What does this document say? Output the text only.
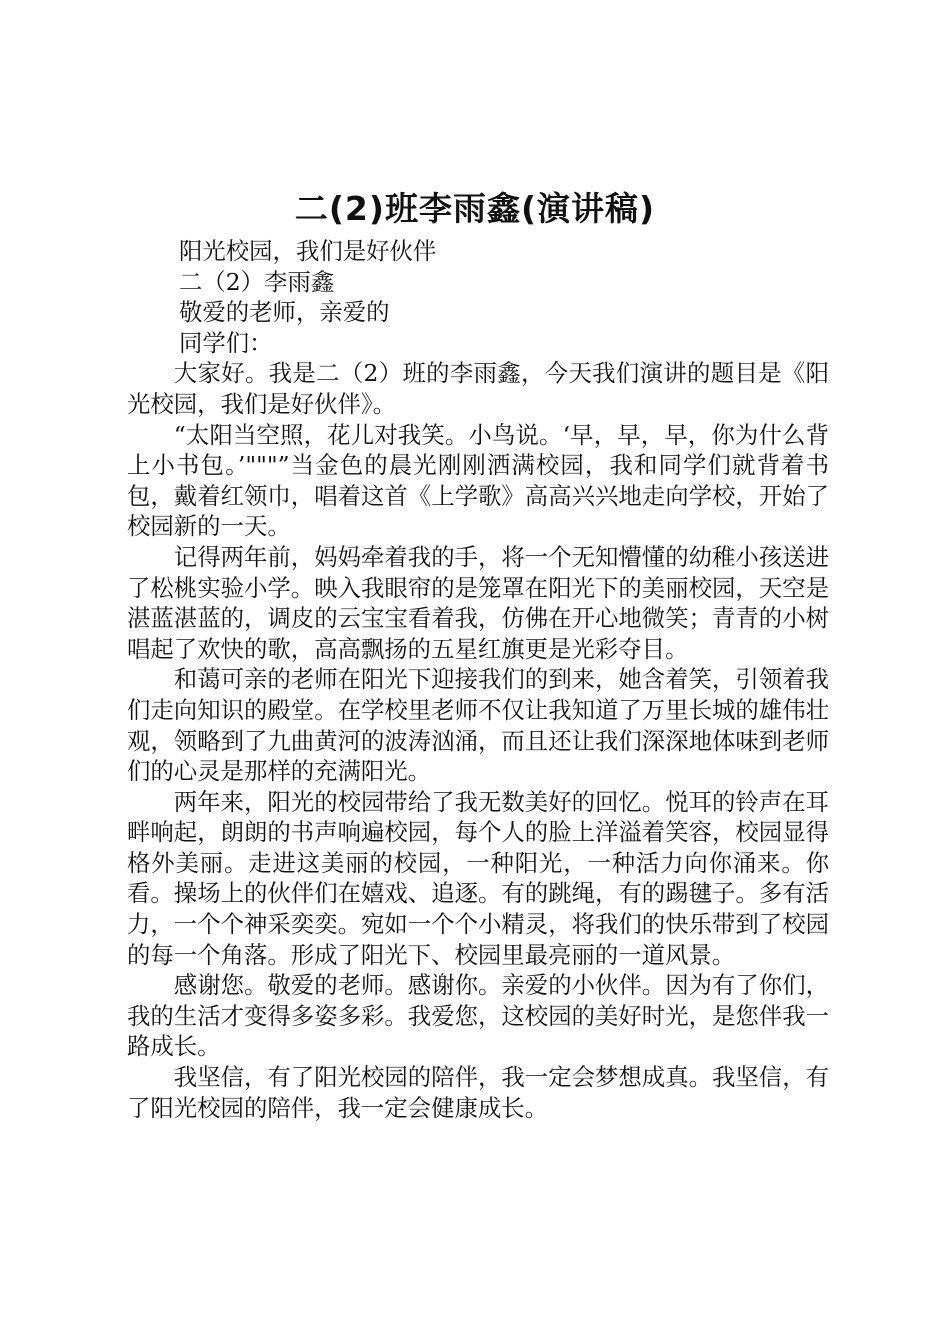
二(2)班李雨鑫(演讲稿)

阳光校园，我们是好伙伴

二（2）李雨鑫

敬爱的老师，亲爱的

同学们：

大家好。我是二（2）班的李雨鑫，今天我们演讲的题目是《阳光校园，我们是好伙伴》。

“太阳当空照，花儿对我笑。小鸟说。‘早，早，早，你为什么背上小书包。’"""”当金色的晨光刚刚洒满校园，我和同学们就背着书包，戴着红领巾，唱着这首《上学歌》高高兴兴地走向学校，开始了校园新的一天。

记得两年前，妈妈牵着我的手，将一个无知懵懂的幼稚小孩送进了松桃实验小学。映入我眼帘的是笼罩在阳光下的美丽校园，天空是湛蓝湛蓝的，调皮的云宝宝看着我，仿佛在开心地微笑；青青的小树唱起了欢快的歌，高高飘扬的五星红旗更是光彩夺目。

和蔼可亲的老师在阳光下迎接我们的到来，她含着笑，引领着我们走向知识的殿堂。在学校里老师不仅让我知道了万里长城的雄伟壮观，领略到了九曲黄河的波涛汹涌，而且还让我们深深地体味到老师们的心灵是那样的充满阳光。

两年来，阳光的校园带给了我无数美好的回忆。悦耳的铃声在耳畔响起，朗朗的书声响遍校园，每个人的脸上洋溢着笑容，校园显得格外美丽。走进这美丽的校园，一种阳光，一种活力向你涌来。你看。操场上的伙伴们在嬉戏、追逐。有的跳绳，有的踢毽子。多有活力，一个个神采奕奕。宛如一个个小精灵，将我们的快乐带到了校园的每一个角落。形成了阳光下、校园里最亮丽的一道风景。

感谢您。敬爱的老师。感谢你。亲爱的小伙伴。因为有了你们，我的生活才变得多姿多彩。我爱您，这校园的美好时光，是您伴我一路成长。

我坚信，有了阳光校园的陪伴，我一定会梦想成真。我坚信，有了阳光校园的陪伴，我一定会健康成长。
